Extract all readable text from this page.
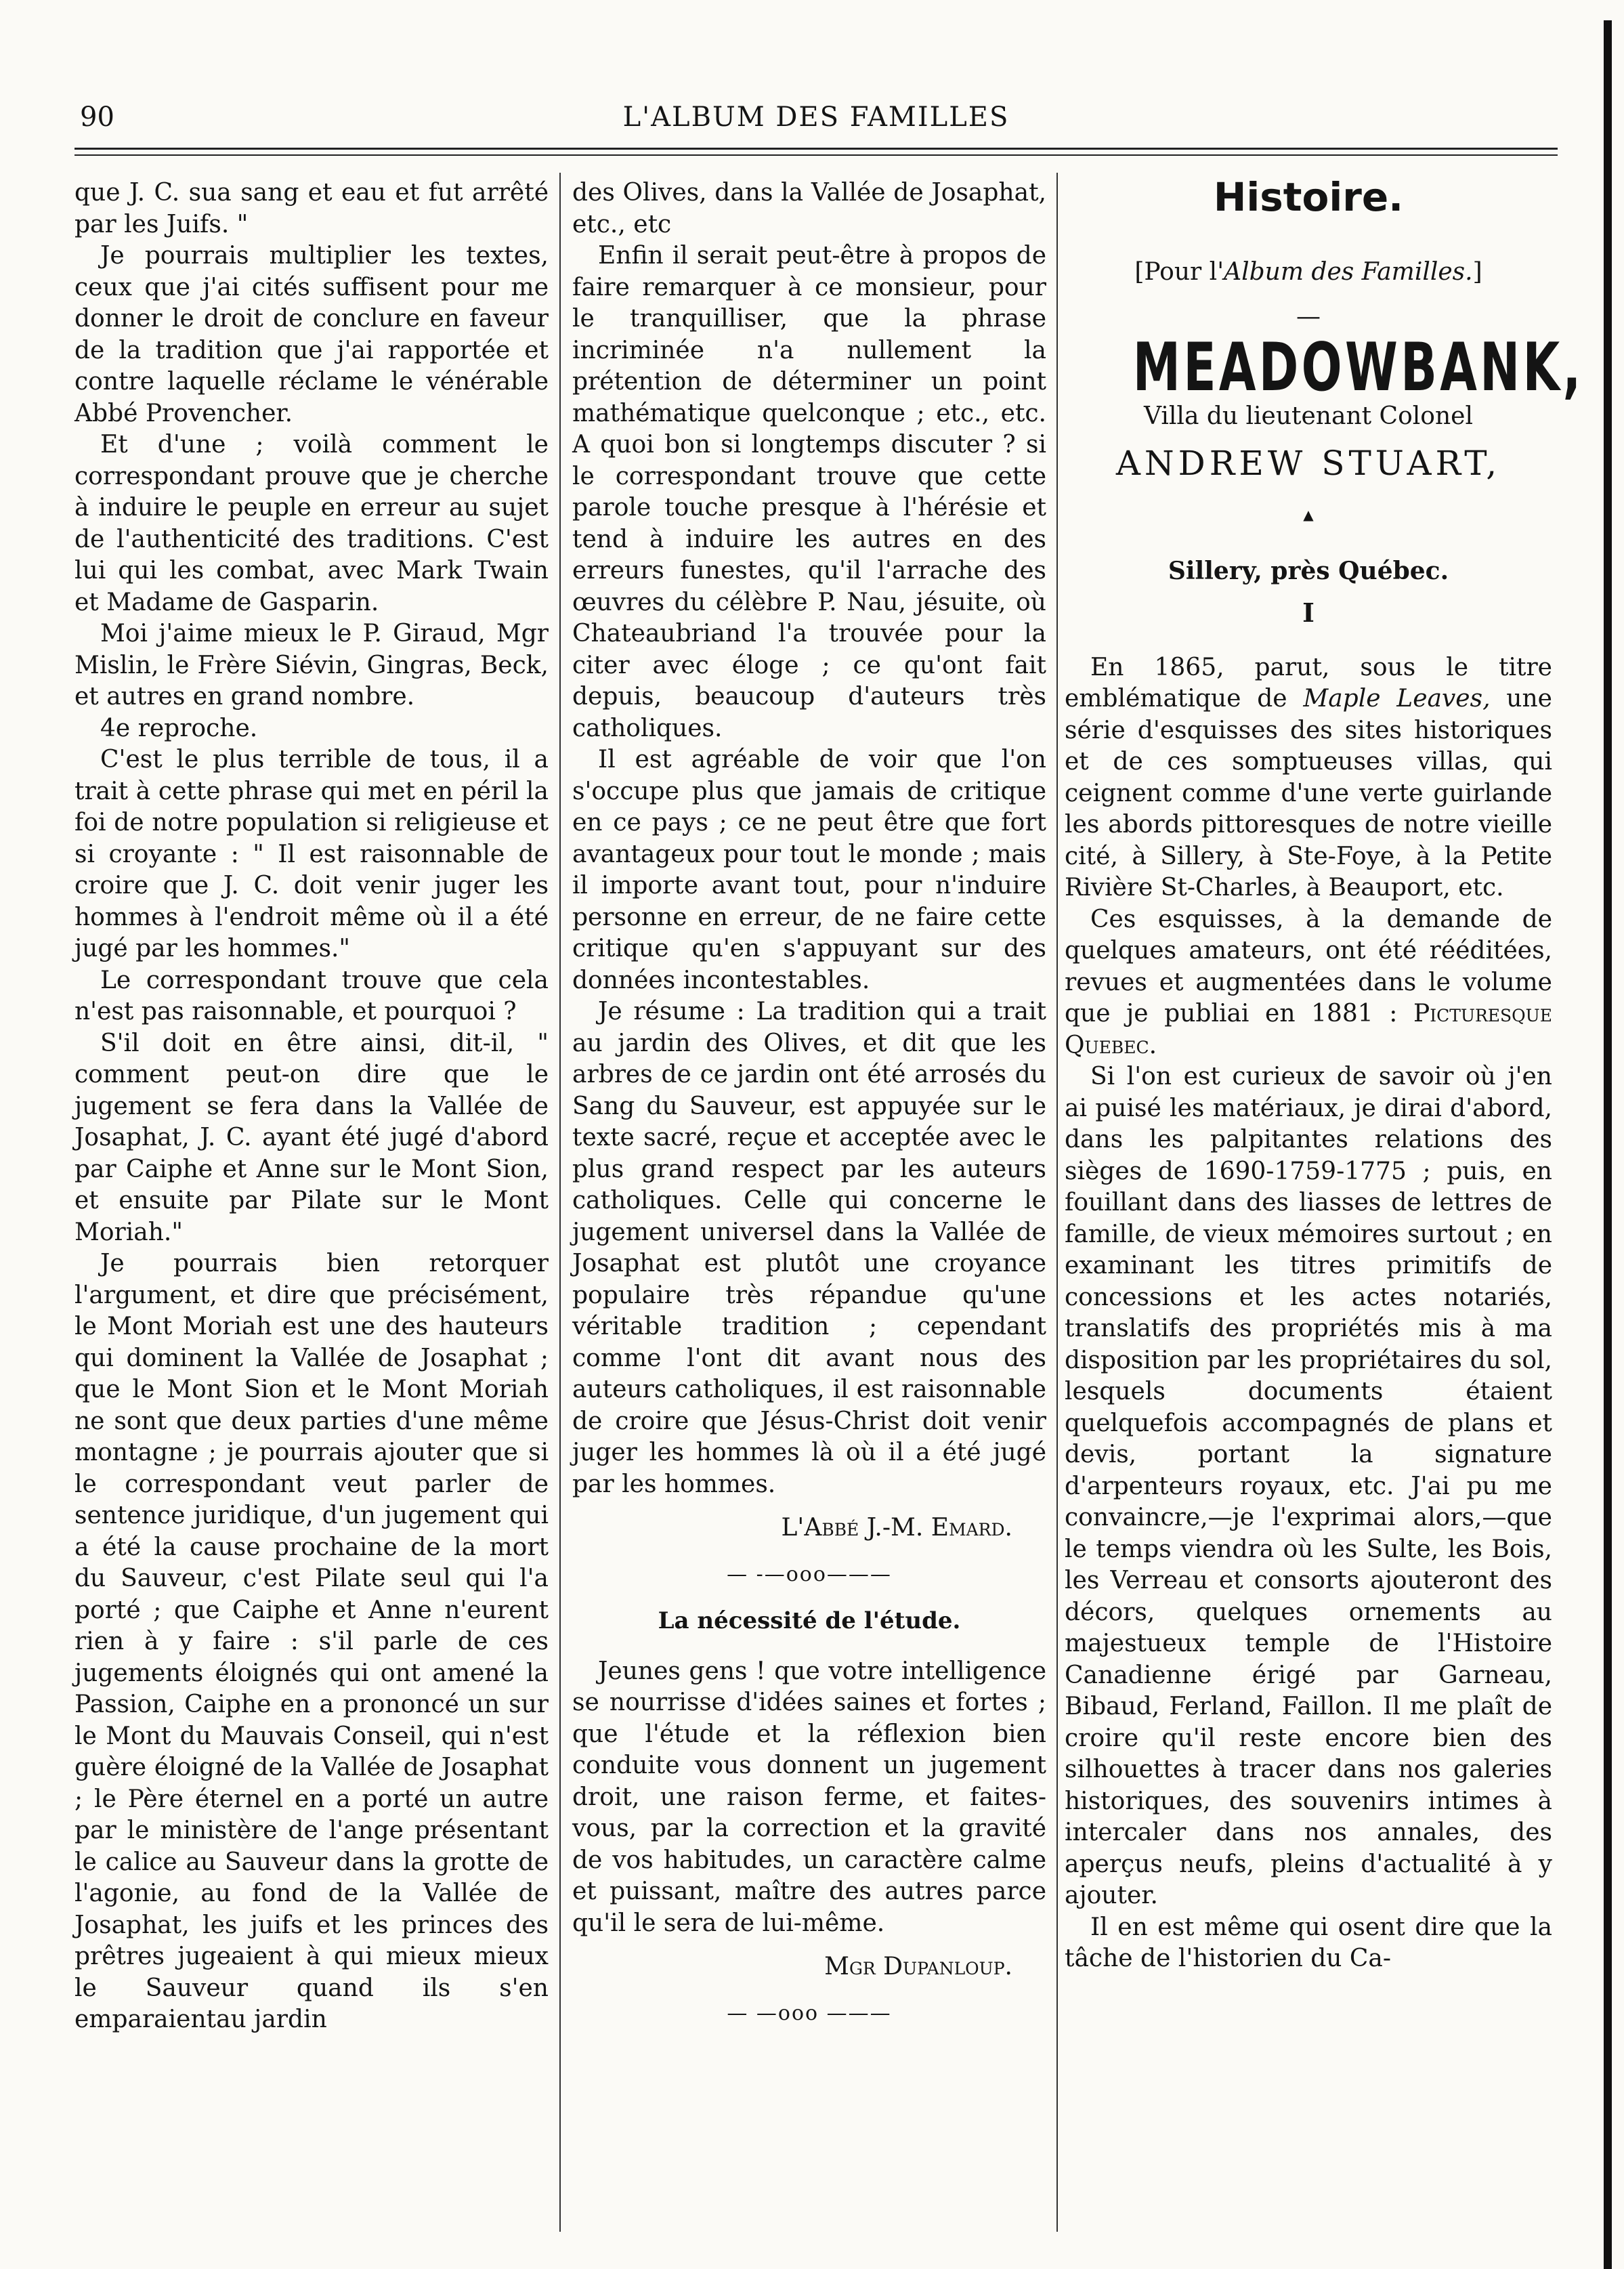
90	L'ALBUM DES FAMILLES

que J. C. sua sang et eau et fut arrêté par les Juifs. "

Je pourrais multiplier les textes, ceux que j'ai cités suffisent pour me donner le droit de conclure en faveur de la tradition que j'ai rapportée et contre laquelle réclame le vénérable Abbé Provencher.

Et d'une ; voilà comment le correspondant prouve que je cherche à induire le peuple en erreur au sujet de l'authenticité des traditions. C'est lui qui les combat, avec Mark Twain et Madame de Gasparin.

Moi j'aime mieux le P. Giraud, Mgr Mislin, le Frère Siévin, Gingras, Beck, et autres en grand nombre.

4e reproche.

C'est le plus terrible de tous, il a trait à cette phrase qui met en péril la foi de notre population si religieuse et si croyante : " Il est raisonnable de croire que J. C. doit venir juger les hommes à l'endroit même où il a été jugé par les hommes."

Le correspondant trouve que cela n'est pas raisonnable, et pourquoi ?

S'il doit en être ainsi, dit-il, " comment peut-on dire que le jugement se fera dans la Vallée de Josaphat, J. C. ayant été jugé d'abord par Caiphe et Anne sur le Mont Sion, et ensuite par Pilate sur le Mont Moriah."

Je pourrais bien retorquer l'argument, et dire que précisément, le Mont Moriah est une des hauteurs qui dominent la Vallée de Josaphat ; que le Mont Sion et le Mont Moriah ne sont que deux parties d'une même montagne ; je pourrais ajouter que si le correspondant veut parler de sentence juridique, d'un jugement qui a été la cause prochaine de la mort du Sauveur, c'est Pilate seul qui l'a porté ; que Caiphe et Anne n'eurent rien à y faire : s'il parle de ces jugements éloignés qui ont amené la Passion, Caiphe en a prononcé un sur le Mont du Mauvais Conseil, qui n'est guère éloigné de la Vallée de Josaphat ; le Père éternel en a porté un autre par le ministère de l'ange présentant le calice au Sauveur dans la grotte de l'agonie, au fond de la Vallée de Josaphat, les juifs et les princes des prêtres jugeaient à qui mieux mieux le Sauveur quand ils s'en emparaientau jardin

des Olives, dans la Vallée de Josaphat, etc., etc

Enfin il serait peut-être à propos de faire remarquer à ce monsieur, pour le tranquilliser, que la phrase incriminée n'a nullement la prétention de déterminer un point mathématique quelconque ; etc., etc. A quoi bon si longtemps discuter ? si le correspondant trouve que cette parole touche presque à l'hérésie et tend à induire les autres en des erreurs funestes, qu'il l'arrache des œuvres du célèbre P. Nau, jésuite, où Chateaubriand l'a trouvée pour la citer avec éloge ; ce qu'ont fait depuis, beaucoup d'auteurs très catholiques.

Il est agréable de voir que l'on s'occupe plus que jamais de critique en ce pays ; ce ne peut être que fort avantageux pour tout le monde ; mais il importe avant tout, pour n'induire personne en erreur, de ne faire cette critique qu'en s'appuyant sur des données incontestables.

Je résume : La tradition qui a trait au jardin des Olives, et dit que les arbres de ce jardin ont été arrosés du Sang du Sauveur, est appuyée sur le texte sacré, reçue et acceptée avec le plus grand respect par les auteurs catholiques. Celle qui concerne le jugement universel dans la Vallée de Josaphat est plutôt une croyance populaire très répandue qu'une véritable tradition ; cependant comme l'ont dit avant nous des auteurs catholiques, il est raisonnable de croire que Jésus-Christ doit venir juger les hommes là où il a été jugé par les hommes.

L'Abbé J.-M. Emard.
— -—ooo———
La nécessité de l'étude.

Jeunes gens ! que votre intelligence se nourrisse d'idées saines et fortes ; que l'étude et la réflexion bien conduite vous donnent un jugement droit, une raison ferme, et faites-vous, par la correction et la gravité de vos habitudes, un caractère calme et puissant, maître des autres parce qu'il le sera de lui-même.

Mgr Dupanloup.
— —ooo ———
Histoire.
[Pour l'Album des Familles.]
—
MEADOWBANK,
Villa du lieutenant Colonel
ANDREW STUART,
▲
Sillery, près Québec.
I

En 1865, parut, sous le titre emblématique de Maple Leaves, une série d'esquisses des sites historiques et de ces somptueuses villas, qui ceignent comme d'une verte guirlande les abords pittoresques de notre vieille cité, à Sillery, à Ste-Foye, à la Petite Rivière St-Charles, à Beauport, etc.

Ces esquisses, à la demande de quelques amateurs, ont été rééditées, revues et augmentées dans le volume que je publiai en 1881 : Picturesque Quebec.

Si l'on est curieux de savoir où j'en ai puisé les matériaux, je dirai d'abord, dans les palpitantes relations des sièges de 1690-1759-1775 ; puis, en fouillant dans des liasses de lettres de famille, de vieux mémoires surtout ; en examinant les titres primitifs de concessions et les actes notariés, translatifs des propriétés mis à ma disposition par les propriétaires du sol, lesquels documents étaient quelquefois accompagnés de plans et devis, portant la signature d'arpenteurs royaux, etc. J'ai pu me convaincre,—je l'exprimai alors,—que le temps viendra où les Sulte, les Bois, les Verreau et consorts ajouteront des décors, quelques ornements au majestueux temple de l'Histoire Canadienne érigé par Garneau, Bibaud, Ferland, Faillon. Il me plaît de croire qu'il reste encore bien des silhouettes à tracer dans nos galeries historiques, des souvenirs intimes à intercaler dans nos annales, des aperçus neufs, pleins d'actualité à y ajouter.

Il en est même qui osent dire que la tâche de l'historien du Ca-
